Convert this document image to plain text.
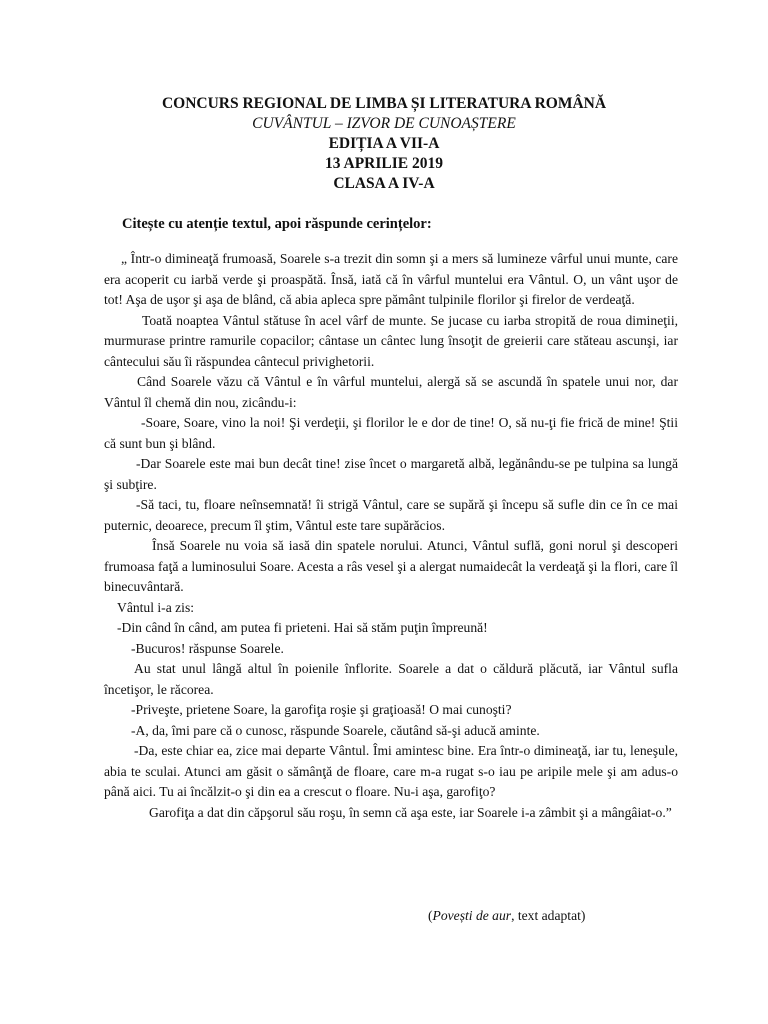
CONCURS REGIONAL DE LIMBA ȘI LITERATURA ROMÂNĂ
CUVÂNTUL – IZVOR DE CUNOAȘTERE
EDIȚIA A VII-A
13 APRILIE 2019
CLASA A IV-A
Citește cu atenție textul, apoi răspunde cerințelor:

„ Într-o dimineaţă frumoasă, Soarele s-a trezit din somn şi a mers să lumineze vârful unui munte, care era acoperit cu iarbă verde şi proaspătă. Însă, iată că în vârful muntelui era Vântul. O, un vânt uşor de tot! Aşa de uşor şi aşa de blând, că abia apleca spre pământ tulpinile florilor şi firelor de verdeaţă.

Toată noaptea Vântul stătuse în acel vârf de munte. Se jucase cu iarba stropită de roua dimineţii, murmurase printre ramurile copacilor; cântase un cântec lung însoţit de greierii care stăteau ascunşi, iar cântecului său îi răspundea cântecul privighetorii.

Când Soarele văzu că Vântul e în vârful muntelui, alergă să se ascundă în spatele unui nor, dar Vântul îl chemă din nou, zicându-i:

-Soare, Soare, vino la noi! Şi verdeţii, şi florilor le e dor de tine! O, să nu-ţi fie frică de mine! Ştii că sunt bun şi blând.

-Dar Soarele este mai bun decât tine! zise încet o margaretă albă, legănându-se pe tulpina sa lungă şi subţire.

-Să taci, tu, floare neînsemnată! îi strigă Vântul, care se supără şi începu să sufle din ce în ce mai puternic, deoarece, precum îl ştim, Vântul este tare supărăcios.

Însă Soarele nu voia să iasă din spatele norului. Atunci, Vântul suflă, goni norul şi descoperi frumoasa faţă a luminosului Soare. Acesta a râs vesel şi a alergat numaidecât la verdeaţă şi la flori, care îl binecuvântară.

Vântul i-a zis:

-Din când în când, am putea fi prieteni. Hai să stăm puţin împreună!

-Bucuros! răspunse Soarele.

Au stat unul lângă altul în poienile înflorite. Soarele a dat o căldură plăcută, iar Vântul sufla încetişor, le răcorea.

-Priveşte, prietene Soare, la garofiţa roşie şi graţioasă! O mai cunoşti?

-A, da, îmi pare că o cunosc, răspunde Soarele, căutând să-şi aducă aminte.

-Da, este chiar ea, zice mai departe Vântul. Îmi amintesc bine. Era într-o dimineaţă, iar tu, leneşule, abia te sculai. Atunci am găsit o sămânţă de floare, care m-a rugat s-o iau pe aripile mele şi am adus-o până aici. Tu ai încălzit-o şi din ea a crescut o floare. Nu-i aşa, garofiţo?

Garofiţa a dat din căpşorul său roşu, în semn că aşa este, iar Soarele i-a zâmbit şi a mângâiat-o.”

(Povești de aur, text adaptat)
